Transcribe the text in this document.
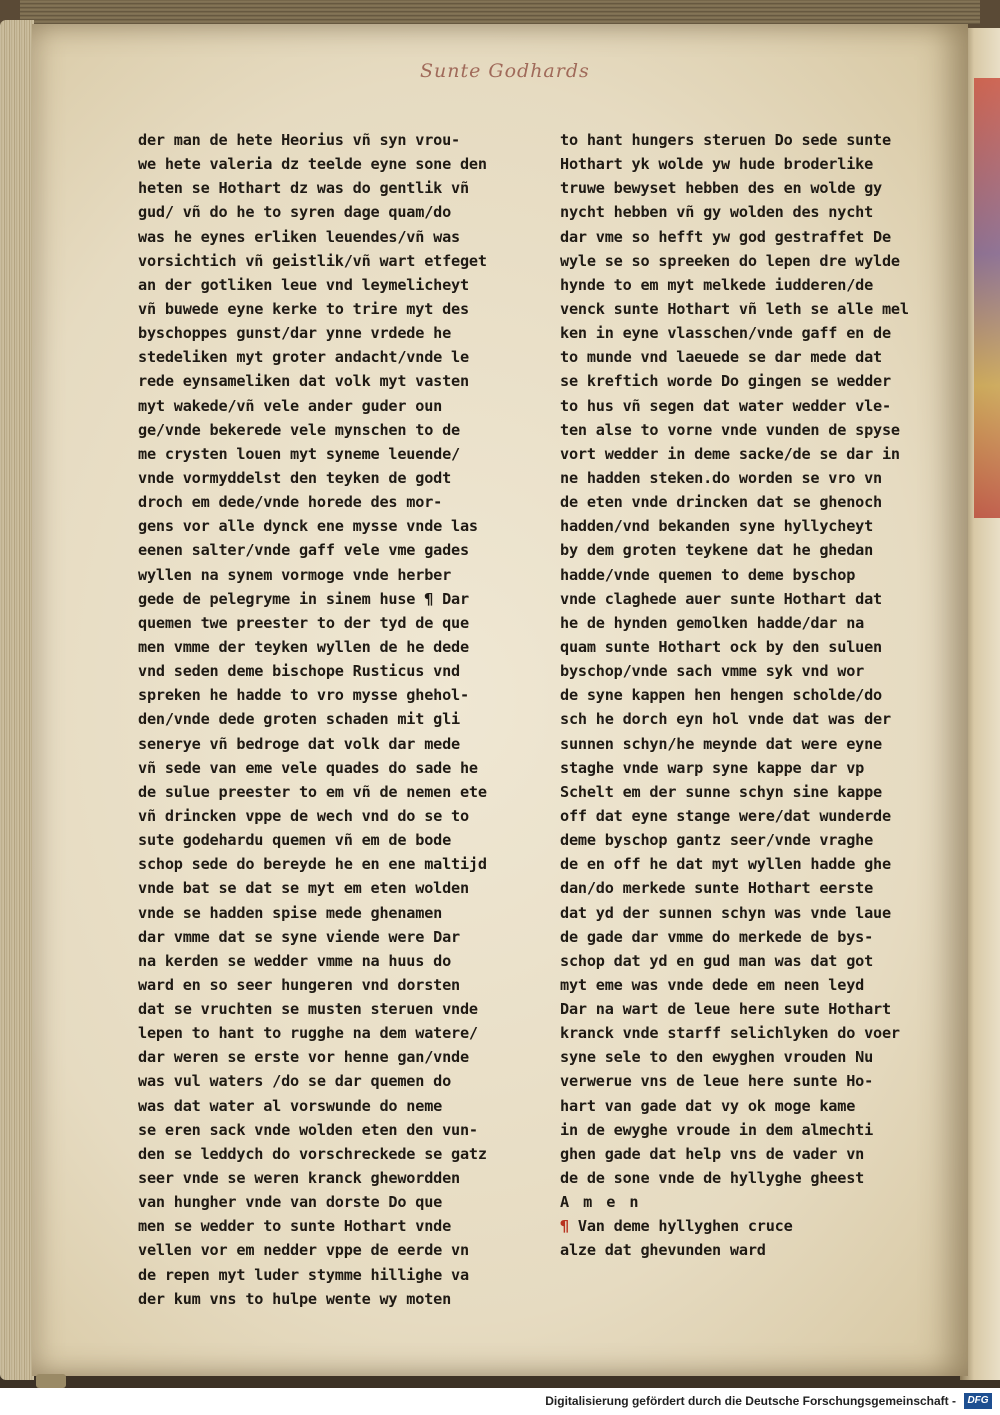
Sunte Godhards
der man de hete Heorius vñ syn vrou-
we hete valeria dz teelde eyne sone den
heten se Hothart dz was do gentlik vñ
gud/ vñ do he to syren dage quam/do
was he eynes erliken leuendes/vñ was
vorsichtich vñ geistlik/vñ wart etfeget
an der gotliken leue vnd leymelicheyt
vñ buwede eyne kerke to trire myt des
byschoppes gunst/dar ynne vrdede he
stedeliken myt groter andacht/vnde le
rede eynsameliken dat volk myt vasten
myt wakede/vñ vele ander guder oun
ge/vnde bekerede vele mynschen to de
me crysten louen myt syneme leuende/
vnde vormyddelst den teyken de godt
droch em dede/vnde horede des mor-
gens vor alle dynck ene mysse vnde las
eenen salter/vnde gaff vele vme gades
wyllen na synem vormoge vnde herber
gede de pelegryme in sinem huse ¶ Dar
quemen twe preester to der tyd de que
men vmme der teyken wyllen de he dede
vnd seden deme bischope Rusticus vnd
spreken he hadde to vro mysse ghehol-
den/vnde dede groten schaden mit gli
senerye vñ bedroge dat volk dar mede
vñ sede van eme vele quades do sade he
de sulue preester to em vñ de nemen ete
vñ drincken vppe de wech vnd do se to
sute godehardu quemen vñ em de bode
schop sede do bereyde he en ene maltijd
vnde bat se dat se myt em eten wolden
vnde se hadden spise mede ghenamen
dar vmme dat se syne viende were Dar
na kerden se wedder vmme na huus do
ward en so seer hungeren vnd dorsten
dat se vruchten se musten steruen vnde
lepen to hant to rugghe na dem watere/
dar weren se erste vor henne gan/vnde
was vul waters /do se dar quemen do
was dat water al vorswunde do neme
se eren sack vnde wolden eten den vun-
den se leddych do vorschreckede se gatz
seer vnde se weren kranck ghewordden
van hungher vnde van dorste Do que
men se wedder to sunte Hothart vnde
vellen vor em nedder vppe de eerde vn
de repen myt luder stymme hillighe va
der kum vns to hulpe wente wy moten
to hant hungers steruen Do sede sunte
Hothart yk wolde yw hude broderlike
truwe bewyset hebben des en wolde gy
nycht hebben vñ gy wolden des nycht
dar vme so hefft yw god gestraffet De
wyle se so spreeken do lepen dre wylde
hynde to em myt melkede iudderen/de
venck sunte Hothart vñ leth se alle mel
ken in eyne vlasschen/vnde gaff en de
to munde vnd laeuede se dar mede dat
se kreftich worde Do gingen se wedder
to hus vñ segen dat water wedder vle-
ten alse to vorne vnde vunden de spyse
vort wedder in deme sacke/de se dar in
ne hadden steken.do worden se vro vn
de eten vnde drincken dat se ghenoch
hadden/vnd bekanden syne hyllycheyt
by dem groten teykene dat he ghedan
hadde/vnde quemen to deme byschop
vnde claghede auer sunte Hothart dat
he de hynden gemolken hadde/dar na
quam sunte Hothart ock by den suluen
byschop/vnde sach vmme syk vnd wor
de syne kappen hen hengen scholde/do
sch he dorch eyn hol vnde dat was der
sunnen schyn/he meynde dat were eyne
staghe vnde warp syne kappe dar vp
Schelt em der sunne schyn sine kappe
off dat eyne stange were/dat wunderde
deme byschop gantz seer/vnde vraghe
de en off he dat myt wyllen hadde ghe
dan/do merkede sunte Hothart eerste
dat yd der sunnen schyn was vnde laue
de gade dar vmme do merkede de bys-
schop dat yd en gud man was dat got
myt eme was vnde dede em neen leyd
Dar na wart de leue here sute Hothart
kranck vnde starff selichlyken do voer
syne sele to den ewyghen vrouden Nu
verwerue vns de leue here sunte Ho-
hart van gade dat vy ok moge kame
in de ewyghe vroude in dem almechti
ghen gade dat help vns de vader vn
de de sone vnde de hyllyghe gheest
Amen
¶ Van deme hyllyghen cruce
alze dat ghevunden ward
Digitalisierung gefördert durch die Deutsche Forschungsgemeinschaft -	DFG
